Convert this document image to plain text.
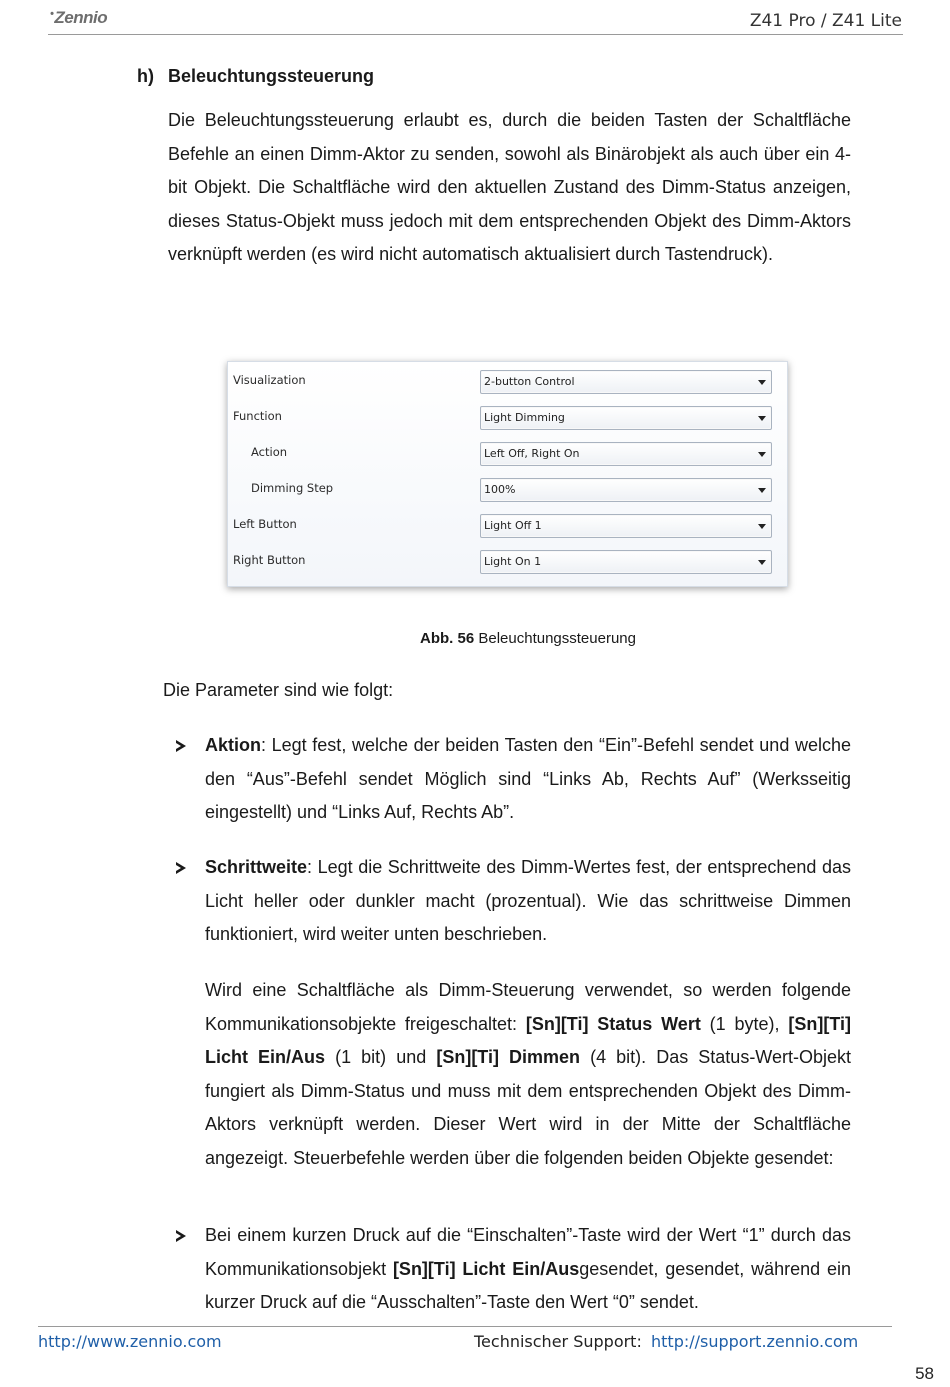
•Zennio	Z41 Pro / Z41 Lite
h) Beleuchtungssteuerung

Die Beleuchtungssteuerung erlaubt es, durch die beiden Tasten der Schaltfläche Befehle an einen Dimm-Aktor zu senden, sowohl als Binärobjekt als auch über ein 4-bit Objekt. Die Schaltfläche wird den aktuellen Zustand des Dimm-Status anzeigen, dieses Status-Objekt muss jedoch mit dem entsprechenden Objekt des Dimm-Aktors verknüpft werden (es wird nicht automatisch aktualisiert durch Tastendruck).

Visualization	2-button Control
Function	Light Dimming
Action	Left Off, Right On
Dimming Step	100%
Left Button	Light Off 1
Right Button	Light On 1
Abb. 56 Beleuchtungssteuerung
Die Parameter sind wie folgt:

Aktion: Legt fest, welche der beiden Tasten den “Ein”-Befehl sendet und welche den “Aus”-Befehl sendet Möglich sind “Links Ab, Rechts Auf” (Werksseitig eingestellt) und “Links Auf, Rechts Ab”.

Schrittweite: Legt die Schrittweite des Dimm-Wertes fest, der entsprechend das Licht heller oder dunkler macht (prozentual). Wie das schrittweise Dimmen funktioniert, wird weiter unten beschrieben.

Wird eine Schaltfläche als Dimm-Steuerung verwendet, so werden folgende Kommunikationsobjekte freigeschaltet: [Sn][Ti] Status Wert (1 byte), [Sn][Ti] Licht Ein/Aus (1 bit) und [Sn][Ti] Dimmen (4 bit). Das Status-Wert-Objekt fungiert als Dimm-Status und muss mit dem entsprechenden Objekt des Dimm-Aktors verknüpft werden. Dieser Wert wird in der Mitte der Schaltfläche angezeigt. Steuerbefehle werden über die folgenden beiden Objekte gesendet:

Bei einem kurzen Druck auf die “Einschalten”-Taste wird der Wert “1” durch das Kommunikationsobjekt [Sn][Ti] Licht Ein/Ausgesendet, gesendet, während ein kurzer Druck auf die “Ausschalten”-Taste den Wert “0” sendet.

http://www.zennio.com	Technischer Support: http://support.zennio.com
58
